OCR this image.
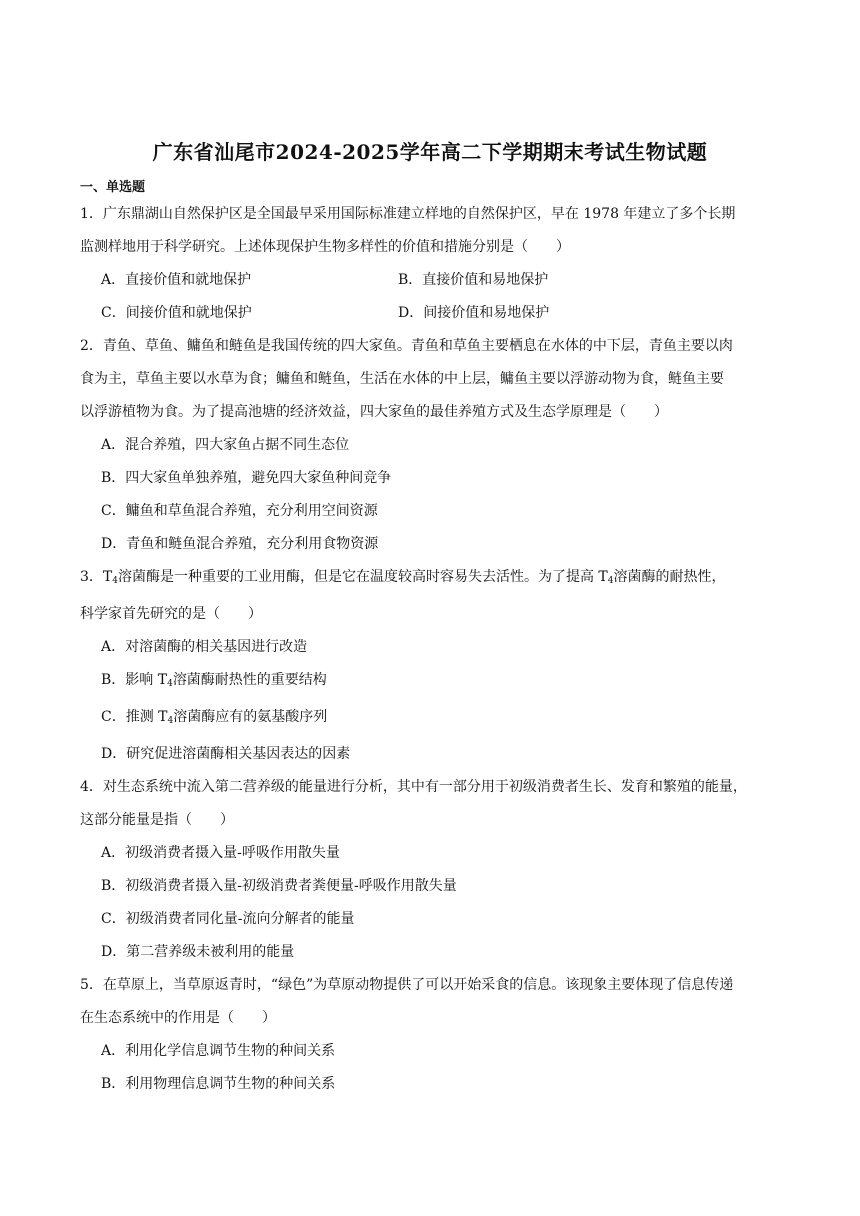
广东省汕尾市2024-2025学年高二下学期期末考试生物试题
一、单选题

1．广东鼎湖山自然保护区是全国最早采用国际标准建立样地的自然保护区，早在 1978 年建立了多个长期

监测样地用于科学研究。上述体现保护生物多样性的价值和措施分别是（　　）

A．直接价值和就地保护	B．直接价值和易地保护
C．间接价值和就地保护	D．间接价值和易地保护

2．青鱼、草鱼、鳙鱼和鲢鱼是我国传统的四大家鱼。青鱼和草鱼主要栖息在水体的中下层，青鱼主要以肉

食为主，草鱼主要以水草为食；鳙鱼和鲢鱼，生活在水体的中上层，鳙鱼主要以浮游动物为食，鲢鱼主要

以浮游植物为食。为了提高池塘的经济效益，四大家鱼的最佳养殖方式及生态学原理是（　　）

A．混合养殖，四大家鱼占据不同生态位
B．四大家鱼单独养殖，避免四大家鱼种间竞争
C．鳙鱼和草鱼混合养殖，充分利用空间资源
D．青鱼和鲢鱼混合养殖，充分利用食物资源

3．$T_4$溶菌酶是一种重要的工业用酶，但是它在温度较高时容易失去活性。为了提高 $T_4$溶菌酶的耐热性，

科学家首先研究的是（　　）

A．对溶菌酶的相关基因进行改造
B．影响 $T_4$溶菌酶耐热性的重要结构
C．推测 $T_4$溶菌酶应有的氨基酸序列
D．研究促进溶菌酶相关基因表达的因素

4．对生态系统中流入第二营养级的能量进行分析，其中有一部分用于初级消费者生长、发育和繁殖的能量，

这部分能量是指（　　）

A．初级消费者摄入量-呼吸作用散失量
B．初级消费者摄入量-初级消费者粪便量-呼吸作用散失量
C．初级消费者同化量-流向分解者的能量
D．第二营养级未被利用的能量

5．在草原上，当草原返青时，“绿色”为草原动物提供了可以开始采食的信息。该现象主要体现了信息传递

在生态系统中的作用是（　　）

A．利用化学信息调节生物的种间关系
B．利用物理信息调节生物的种间关系
